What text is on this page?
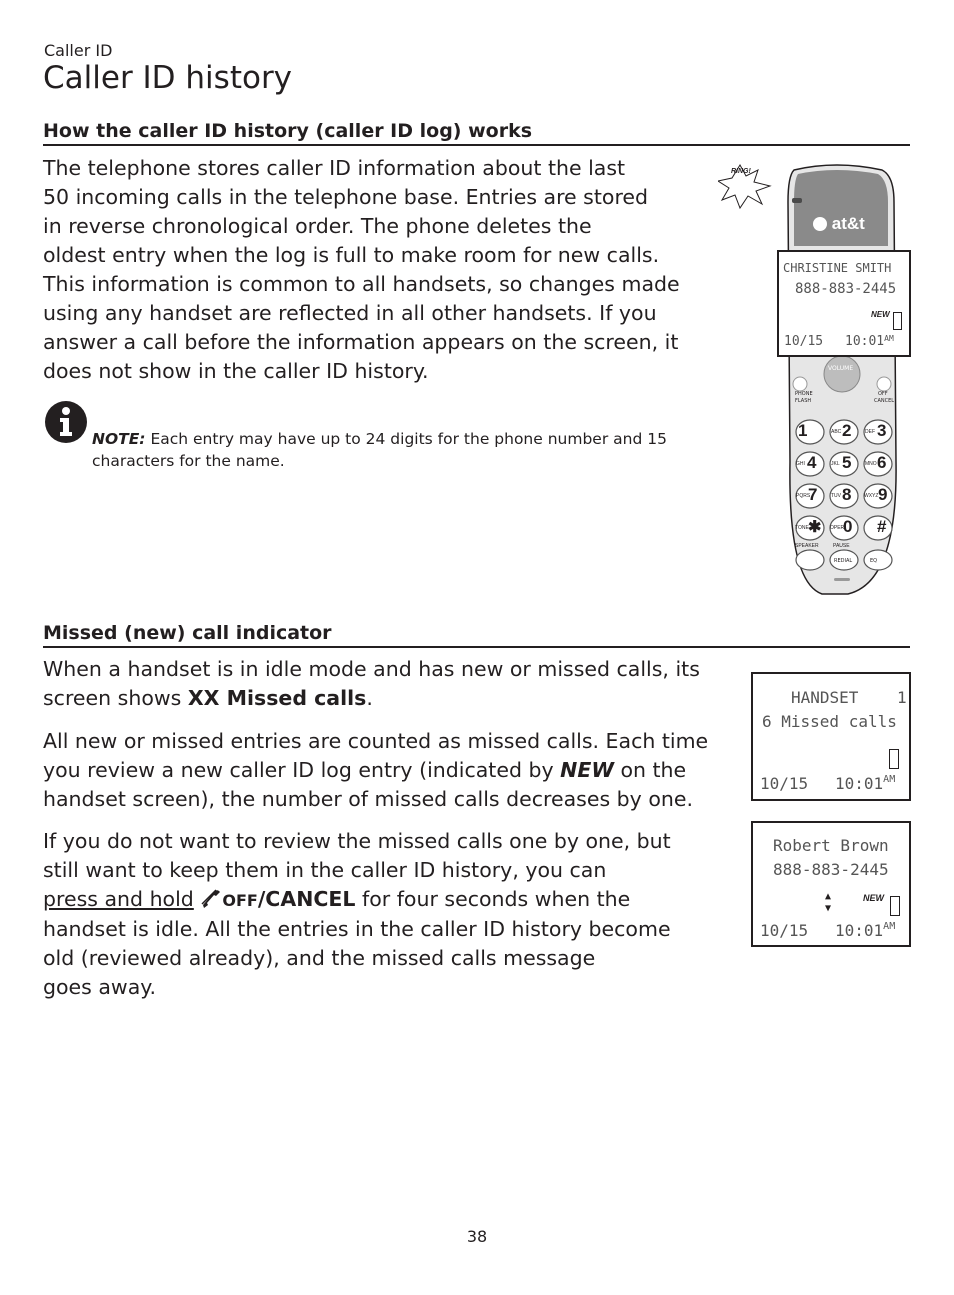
Caller ID
Caller ID history
How the caller ID history (caller ID log) works

The telephone stores caller ID information about the last
50 incoming calls in the telephone base. Entries are stored
in reverse chronological order. The phone deletes the
oldest entry when the log is full to make room for new calls.
This information is common to all handsets, so changes made
using any handset are reflected in all other handsets. If you
answer a call before the information appears on the screen, it
does not show in the caller ID history.

NOTE: Each entry may have up to 24 digits for the phone number and 15
characters for the name.
RING!
at&t
CHRISTINE SMITH
888-883-2445
NEW
10/15 $10:01^{AM}$
VOLUME
PHONE
FLASH
OFF
CANCEL
1	ABC 2	DEF 3
GHI 4	JKL 5	MNO 6
PQRS
7	TUV 8	WXYZ 9
TONE ✱ OPER
0 #
SPEAKER	PAUSE
REDIAL	EQ
Missed (new) call indicator

When a handset is in idle mode and has new or missed calls, its
screen shows XX Missed calls.

All new or missed entries are counted as missed calls. Each time
you review a new caller ID log entry (indicated by NEW on the
handset screen), the number of missed calls decreases by one.

If you do not want to review the missed calls one by one, but
still want to keep them in the caller ID history, you can
press and hold OFF/CANCEL for four seconds when the
handset is idle. All the entries in the caller ID history become
old (reviewed already), and the missed calls message
goes away.

HANDSET    1
6 Missed calls
10/15 $10:01^{AM}$
Robert Brown
888-883-2445
▲
▼
NEW
10/15 $10:01^{AM}$
38
